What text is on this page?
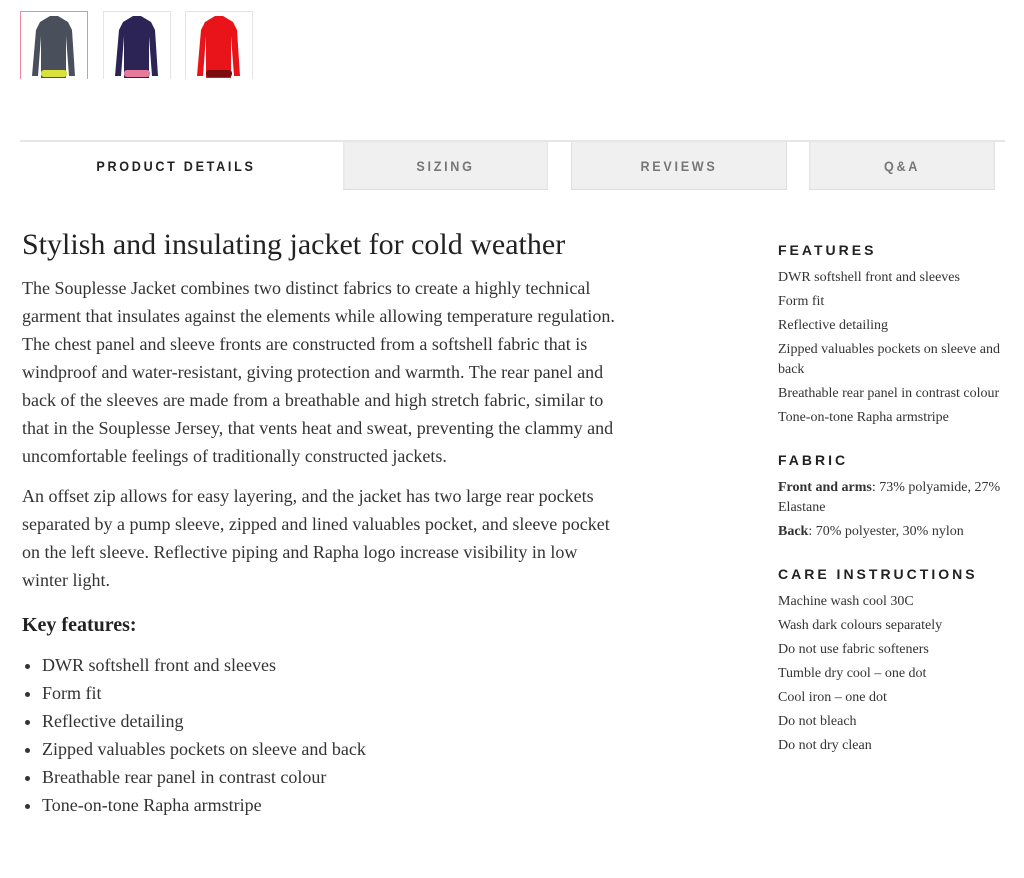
PRODUCT DETAILS	SIZING	REVIEWS	Q&A
Stylish and insulating jacket for cold weather

The Souplesse Jacket combines two distinct fabrics to create a highly technical garment that insulates against the elements while allowing temperature regulation. The chest panel and sleeve fronts are constructed from a softshell fabric that is windproof and water-resistant, giving protection and warmth. The rear panel and back of the sleeves are made from a breathable and high stretch fabric, similar to that in the Souplesse Jersey, that vents heat and sweat, preventing the clammy and uncomfortable feelings of traditionally constructed jackets.

An offset zip allows for easy layering, and the jacket has two large rear pockets separated by a pump sleeve, zipped and lined valuables pocket, and sleeve pocket on the left sleeve. Reflective piping and Rapha logo increase visibility in low winter light.

Key features:
• DWR softshell front and sleeves
• Form fit
• Reflective detailing
• Zipped valuables pockets on sleeve and back
• Breathable rear panel in contrast colour
• Tone-on-tone Rapha armstripe
FEATURES
DWR softshell front and sleeves
Form fit
Reflective detailing
Zipped valuables pockets on sleeve and back
Breathable rear panel in contrast colour
Tone-on-tone Rapha armstripe
FABRIC
Front and arms: 73% polyamide, 27% Elastane
Back: 70% polyester, 30% nylon
CARE INSTRUCTIONS
Machine wash cool 30C
Wash dark colours separately
Do not use fabric softeners
Tumble dry cool – one dot
Cool iron – one dot
Do not bleach
Do not dry clean
